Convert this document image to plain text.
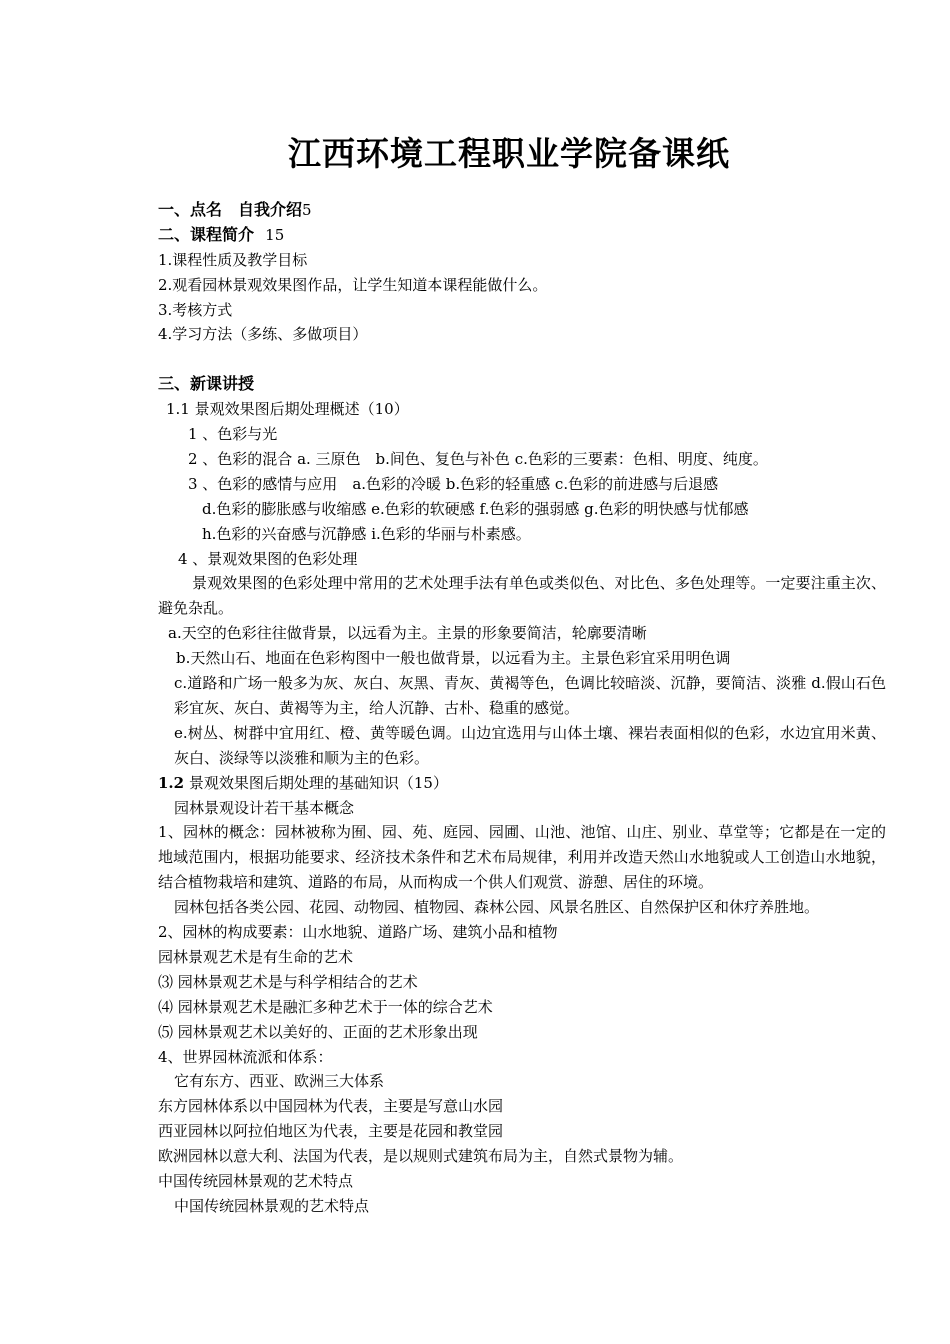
江西环境工程职业学院备课纸
一、点名　自我介绍5
二、课程简介 15
1.课程性质及教学目标
2.观看园林景观效果图作品，让学生知道本课程能做什么。
3.考核方式
4.学习方法（多练、多做项目）
三、新课讲授
1.1 景观效果图后期处理概述（10）
1 、色彩与光
2 、色彩的混合 a. 三原色　b.间色、复色与补色 c.色彩的三要素：色相、明度、纯度。
3 、色彩的感情与应用　a.色彩的冷暖 b.色彩的轻重感 c.色彩的前进感与后退感
d.色彩的膨胀感与收缩感 e.色彩的软硬感 f.色彩的强弱感 g.色彩的明快感与忧郁感
h.色彩的兴奋感与沉静感 i.色彩的华丽与朴素感。
4 、景观效果图的色彩处理
景观效果图的色彩处理中常用的艺术处理手法有单色或类似色、对比色、多色处理等。一定要注重主次、避免杂乱。
a.天空的色彩往往做背景，以远看为主。主景的形象要简洁，轮廓要清晰
b.天然山石、地面在色彩构图中一般也做背景，以远看为主。主景色彩宜采用明色调
c.道路和广场一般多为灰、灰白、灰黑、青灰、黄褐等色，色调比较暗淡、沉静，要简洁、淡雅 d.假山石色彩宜灰、灰白、黄褐等为主，给人沉静、古朴、稳重的感觉。
e.树丛、树群中宜用红、橙、黄等暖色调。山边宜选用与山体土壤、裸岩表面相似的色彩，水边宜用米黄、灰白、淡绿等以淡雅和顺为主的色彩。
1.2 景观效果图后期处理的基础知识（15）
园林景观设计若干基本概念
1、园林的概念：园林被称为囿、园、苑、庭园、园圃、山池、池馆、山庄、别业、草堂等；它都是在一定的地域范围内，根据功能要求、经济技术条件和艺术布局规律，利用并改造天然山水地貌或人工创造山水地貌，结合植物栽培和建筑、道路的布局，从而构成一个供人们观赏、游憩、居住的环境。
园林包括各类公园、花园、动物园、植物园、森林公园、风景名胜区、自然保护区和休疗养胜地。
2、园林的构成要素：山水地貌、道路广场、建筑小品和植物
园林景观艺术是有生命的艺术
⑶ 园林景观艺术是与科学相结合的艺术
⑷ 园林景观艺术是融汇多种艺术于一体的综合艺术
⑸ 园林景观艺术以美好的、正面的艺术形象出现
4、世界园林流派和体系：
它有东方、西亚、欧洲三大体系
东方园林体系以中国园林为代表，主要是写意山水园
西亚园林以阿拉伯地区为代表，主要是花园和教堂园
欧洲园林以意大利、法国为代表，是以规则式建筑布局为主，自然式景物为辅。
中国传统园林景观的艺术特点
中国传统园林景观的艺术特点
